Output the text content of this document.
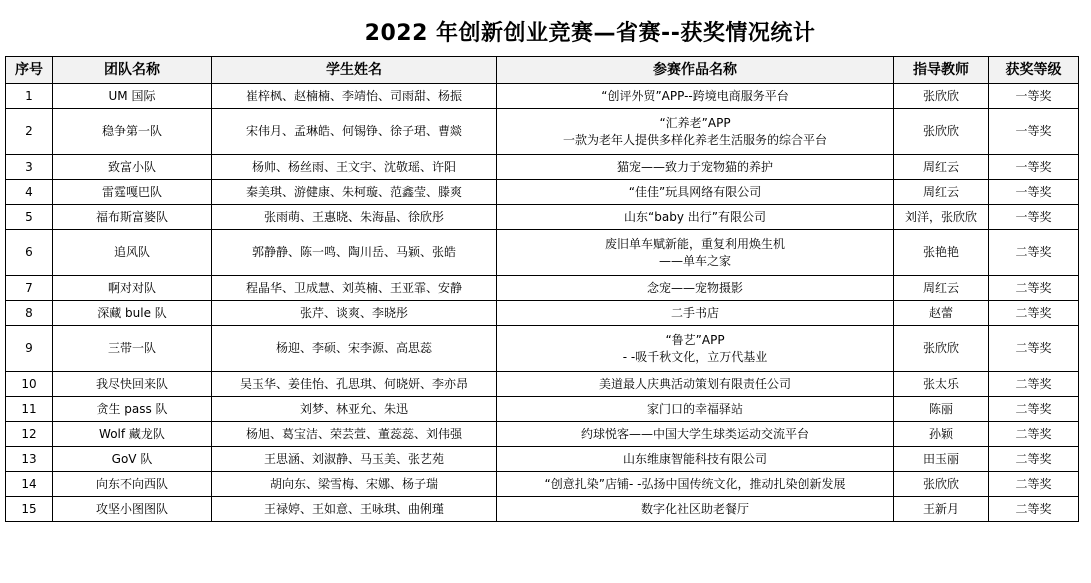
2022 年创新创业竞赛—省赛--获奖情况统计
序号	团队名称	学生姓名	参赛作品名称	指导教师	获奖等级
1	UM 国际	崔梓枫、赵楠楠、李靖怡、司雨甜、杨振	“创评外贸”APP--跨境电商服务平台	张欣欣	一等奖
2	稳争第一队	宋伟月、孟琳皓、何锡铮、徐子珺、曹燚	“汇养老”APP
一款为老年人提供多样化养老生活服务的综合平台	张欣欣	一等奖
3	致富小队	杨帅、杨丝雨、王文宇、沈敬瑶、许阳	猫宠——致力于宠物猫的养护	周红云	一等奖
4	雷霆嘎巴队	秦美琪、游健康、朱柯璇、范鑫莹、滕爽	“佳佳”玩具网络有限公司	周红云	一等奖
5	福布斯富婆队	张雨萌、王惠晓、朱海晶、徐欣彤	山东“baby 出行”有限公司	刘洋，张欣欣	一等奖
6	追风队	郭静静、陈一鸣、陶川岳、马颖、张皓	废旧单车赋新能，重复利用焕生机
——单车之家	张艳艳	二等奖
7	啊对对队	程晶华、卫成慧、刘英楠、王亚霏、安静	念宠——宠物摄影	周红云	二等奖
8	深藏 bule 队	张芹、谈爽、李晓彤	二手书店	赵蕾	二等奖
9	三带一队	杨迎、李硕、宋李源、高思蕊	“鲁艺”APP
- -吸千秋文化，立万代基业	张欣欣	二等奖
10	我尽快回来队	吴玉华、姜佳怡、孔思琪、何晓妍、李亦昂	美道最人庆典活动策划有限责任公司	张太乐	二等奖
11	贪生 pass 队	刘梦、林亚允、朱迅	家门口的幸福驿站	陈丽	二等奖
12	Wolf 藏龙队	杨旭、葛宝洁、荣芸萱、董蕊蕊、刘伟强	约球悦客——中国大学生球类运动交流平台	孙颖	二等奖
13	GoV 队	王思涵、刘淑静、马玉美、张艺苑	山东维康智能科技有限公司	田玉丽	二等奖
14	向东不向西队	胡向东、梁雪梅、宋娜、杨子瑞	“创意扎染”店铺- -弘扬中国传统文化，推动扎染创新发展	张欣欣	二等奖
15	攻坚小图图队	王禄婷、王如意、王咏琪、曲俐瑾	数字化社区助老餐厅	王新月	二等奖
